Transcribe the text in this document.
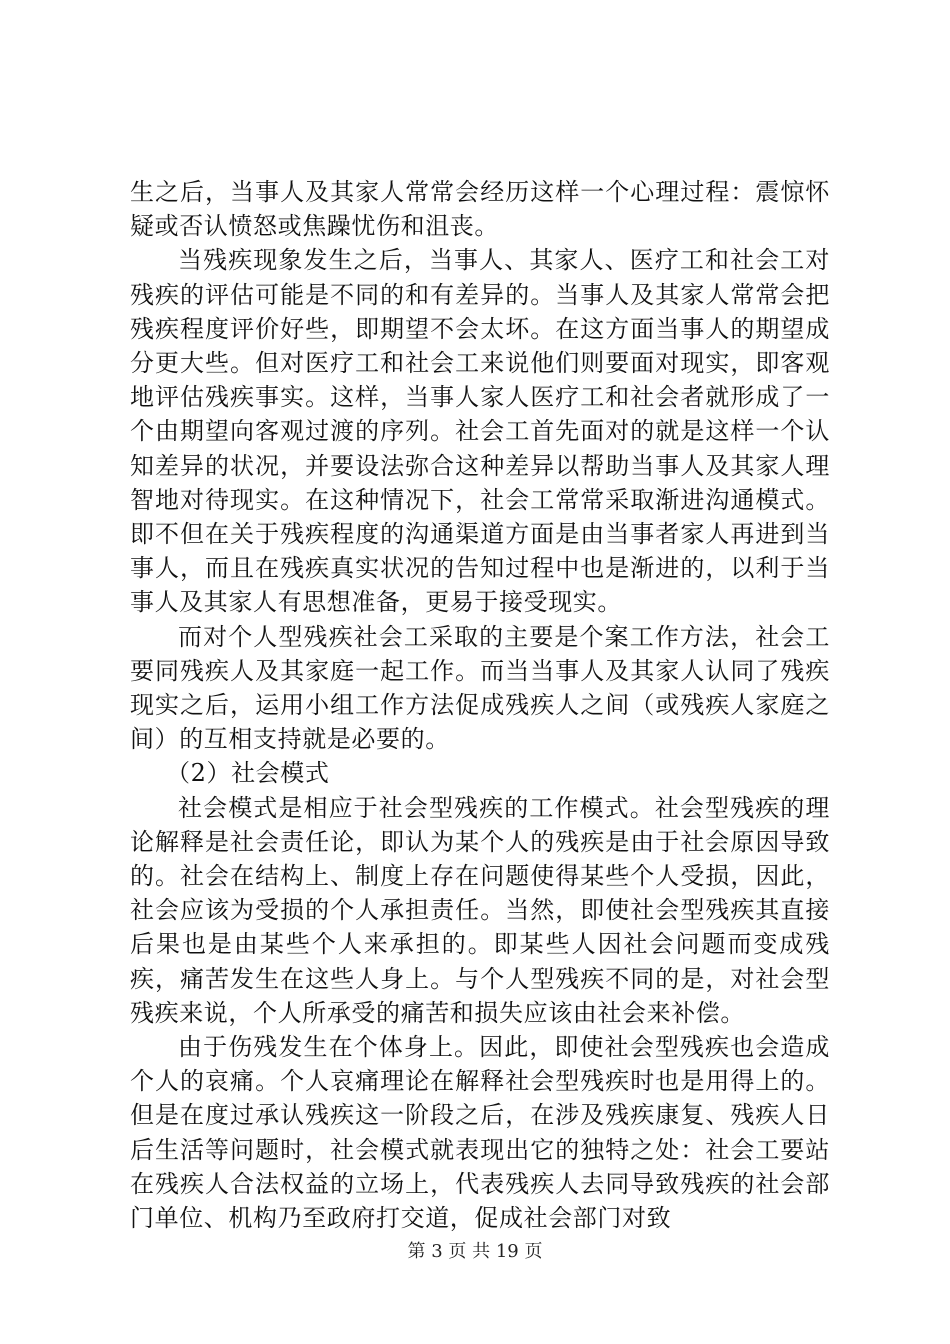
生之后，当事人及其家人常常会经历这样一个心理过程：震惊怀疑或否认愤怒或焦躁忧伤和沮丧。

当残疾现象发生之后，当事人、其家人、医疗工和社会工对残疾的评估可能是不同的和有差异的。当事人及其家人常常会把残疾程度评价好些，即期望不会太坏。在这方面当事人的期望成分更大些。但对医疗工和社会工来说他们则要面对现实，即客观地评估残疾事实。这样，当事人家人医疗工和社会者就形成了一个由期望向客观过渡的序列。社会工首先面对的就是这样一个认知差异的状况，并要设法弥合这种差异以帮助当事人及其家人理智地对待现实。在这种情况下，社会工常常采取渐进沟通模式。即不但在关于残疾程度的沟通渠道方面是由当事者家人再进到当事人，而且在残疾真实状况的告知过程中也是渐进的，以利于当事人及其家人有思想准备，更易于接受现实。

而对个人型残疾社会工采取的主要是个案工作方法，社会工要同残疾人及其家庭一起工作。而当当事人及其家人认同了残疾现实之后，运用小组工作方法促成残疾人之间（或残疾人家庭之间）的互相支持就是必要的。

（2）社会模式

社会模式是相应于社会型残疾的工作模式。社会型残疾的理论解释是社会责任论，即认为某个人的残疾是由于社会原因导致的。社会在结构上、制度上存在问题使得某些个人受损，因此，社会应该为受损的个人承担责任。当然，即使社会型残疾其直接后果也是由某些个人来承担的。即某些人因社会问题而变成残疾，痛苦发生在这些人身上。与个人型残疾不同的是，对社会型残疾来说，个人所承受的痛苦和损失应该由社会来补偿。

由于伤残发生在个体身上。因此，即使社会型残疾也会造成个人的哀痛。个人哀痛理论在解释社会型残疾时也是用得上的。但是在度过承认残疾这一阶段之后，在涉及残疾康复、残疾人日后生活等问题时，社会模式就表现出它的独特之处：社会工要站在残疾人合法权益的立场上，代表残疾人去同导致残疾的社会部门单位、机构乃至政府打交道，促成社会部门对致

第 3 页 共 19 页
